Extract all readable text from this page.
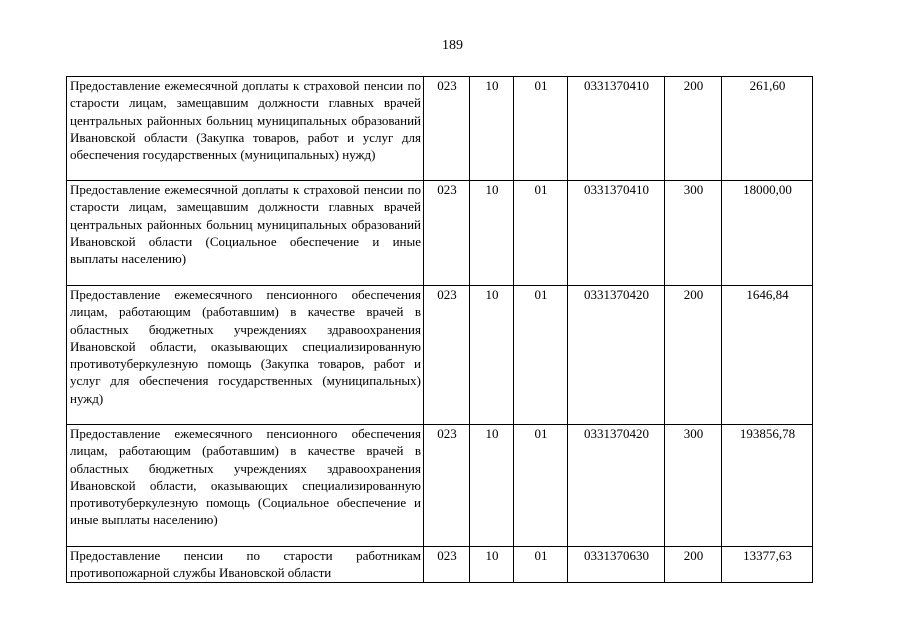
189
Предоставление ежемесячной доплаты к страховой пенсии по старости лицам, замещавшим должности главных врачей центральных районных больниц муниципальных образований Ивановской области (Закупка товаров, работ и услуг для обеспечения государственных (муниципальных) нужд)	023	10	01	0331370410	200	261,60
Предоставление ежемесячной доплаты к страховой пенсии по старости лицам, замещавшим должности главных врачей центральных районных больниц муниципальных образований Ивановской области (Социальное обеспечение и иные выплаты населению)	023	10	01	0331370410	300	18000,00
Предоставление ежемесячного пенсионного обеспечения лицам, работающим (работавшим) в качестве врачей в областных бюджетных учреждениях здравоохранения Ивановской области, оказывающих специализированную противотуберкулезную помощь (Закупка товаров, работ и услуг для обеспечения государственных (муниципальных) нужд)	023	10	01	0331370420	200	1646,84
Предоставление ежемесячного пенсионного обеспечения лицам, работающим (работавшим) в качестве врачей в областных бюджетных учреждениях здравоохранения Ивановской области, оказывающих специализированную противотуберкулезную помощь (Социальное обеспечение и иные выплаты населению)	023	10	01	0331370420	300	193856,78
Предоставление пенсии по старости работникам противопожарной службы Ивановской области	023	10	01	0331370630	200	13377,63
